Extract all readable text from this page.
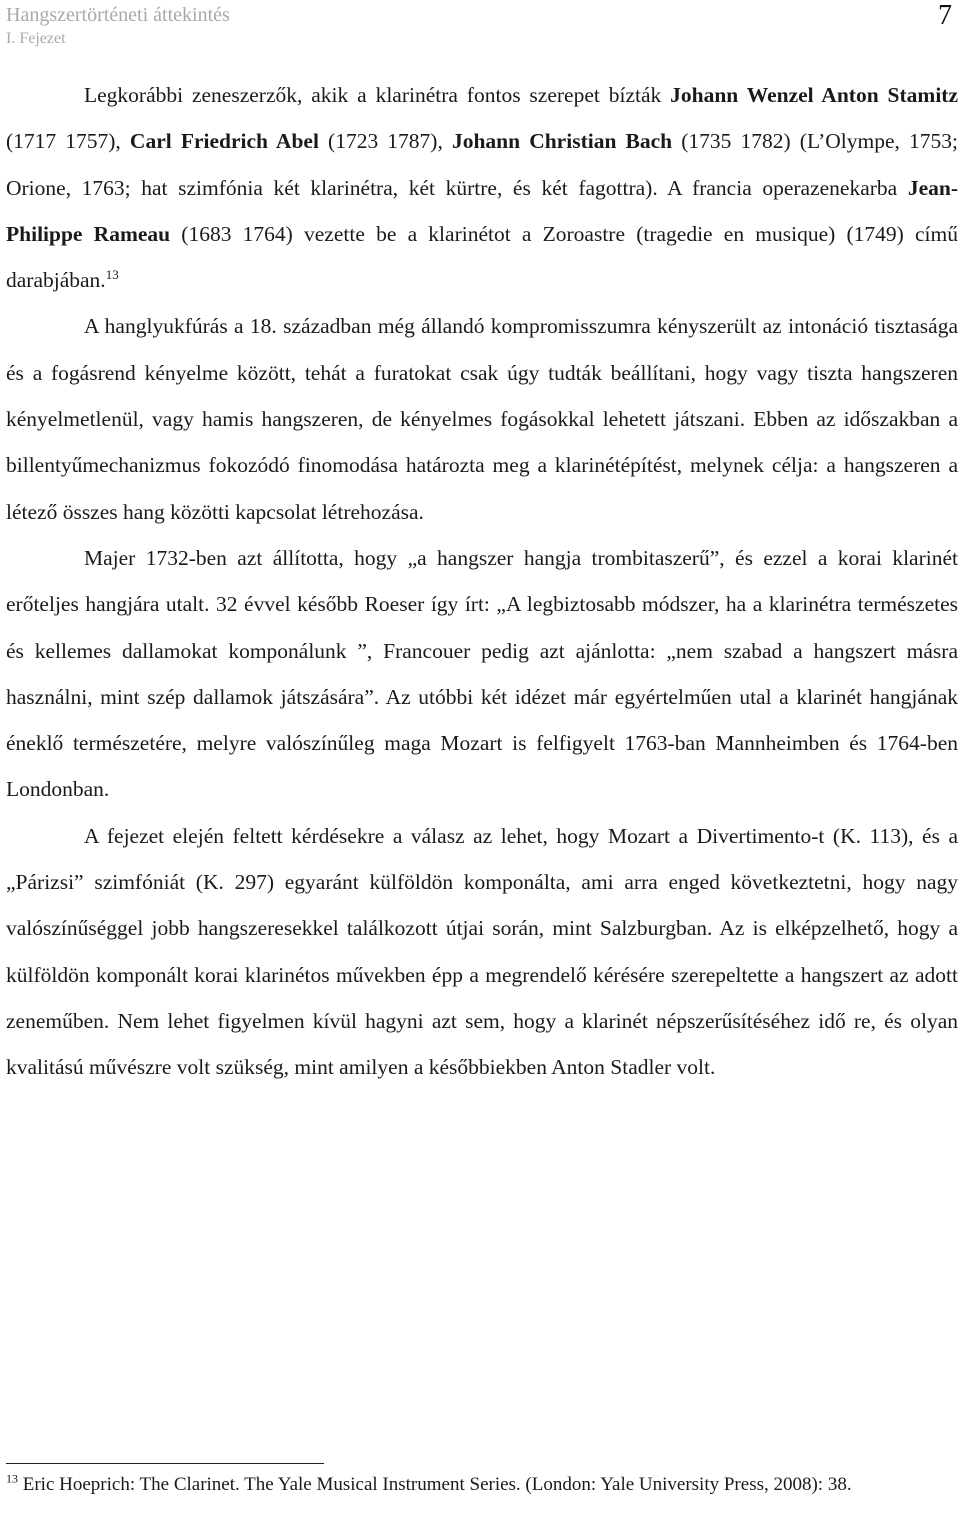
Hangszertörténeti áttekintés
I. Fejezet
7

Legkorábbi zeneszerzők, akik a klarinétra fontos szerepet bízták Johann Wenzel Anton Stamitz (1717 1757), Carl Friedrich Abel (1723 1787), Johann Christian Bach (1735 1782) (L’Olympe, 1753; Orione, 1763; hat szimfónia két klarinétra, két kürtre, és két fagottra). A francia operazenekarba Jean-Philippe Rameau (1683 1764) vezette be a klarinétot a Zoroastre (tragedie en musique) (1749) című darabjában.$^{13}$

A hanglyukfúrás a 18. században még állandó kompromisszumra kényszerült az intonáció tisztasága és a fogásrend kényelme között, tehát a furatokat csak úgy tudták beállítani, hogy vagy tiszta hangszeren kényelmetlenül, vagy hamis hangszeren, de kényelmes fogásokkal lehetett játszani. Ebben az időszakban a billentyűmechanizmus fokozódó finomodása határozta meg a klarinétépítést, melynek célja: a hangszeren a létező összes hang közötti kapcsolat létrehozása.

Majer 1732-ben azt állította, hogy „a hangszer hangja trombitaszerű”, és ezzel a korai klarinét erőteljes hangjára utalt. 32 évvel később Roeser így írt: „A legbiztosabb módszer, ha a klarinétra természetes és kellemes dallamokat komponálunk ”, Francouer pedig azt ajánlotta: „nem szabad a hangszert másra használni, mint szép dallamok játszására”. Az utóbbi két idézet már egyértelműen utal a klarinét hangjának éneklő természetére, melyre valószínűleg maga Mozart is felfigyelt 1763-ban Mannheimben és 1764-ben Londonban.

A fejezet elején feltett kérdésekre a válasz az lehet, hogy Mozart a Divertimento-t (K. 113), és a „Párizsi” szimfóniát (K. 297) egyaránt külföldön komponálta, ami arra enged következtetni, hogy nagy valószínűséggel jobb hangszeresekkel találkozott útjai során, mint Salzburgban. Az is elképzelhető, hogy a külföldön komponált korai klarinétos művekben épp a megrendelő kérésére szerepeltette a hangszert az adott zeneműben. Nem lehet figyelmen kívül hagyni azt sem, hogy a klarinét népszerűsítéséhez idő re, és olyan kvalitású művészre volt szükség, mint amilyen a későbbiekben Anton Stadler volt.

$^{13}$ Eric Hoeprich: The Clarinet. The Yale Musical Instrument Series. (London: Yale University Press, 2008): 38.
